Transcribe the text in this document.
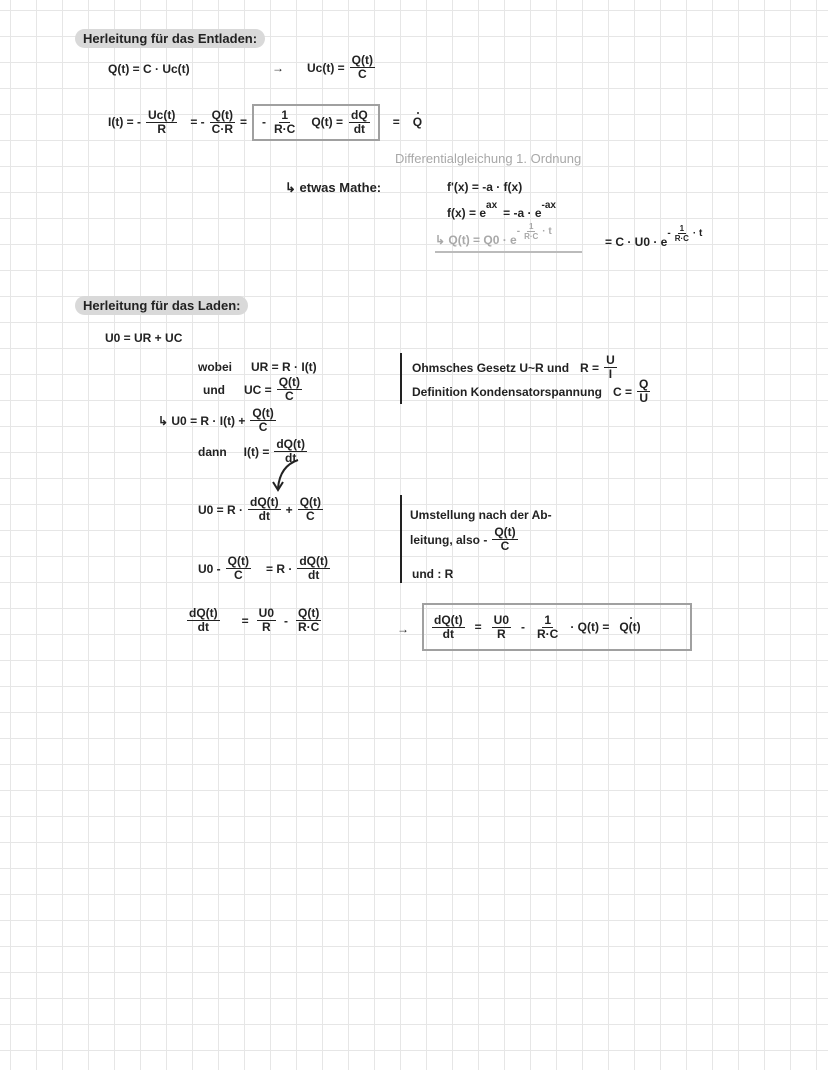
Herleitung für das Entladen:
Q(t) = C · Uc(t)	→ $Uc(t) = \frac{Q(t)}{C}$
I(t) = - $\frac{Uc(t)}{R}$ = - $\frac{Q(t)}{C\cdot R}$ = - $\frac{1}{R\cdot C} Q(t) = \frac{dQ}{dt} = Q$
Differentialgleichung 1. Ordnung
↳ etwas Mathe:	f'(x) = -a · f(x)
f(x) = e
ax
= -a · e
-ax
↳ Q(t) = Q0 · e
- $\frac{1}{R\cdot C} \cdot t$
= C · U0 · e
- $\frac{1}{R\cdot C} \cdot t$
Herleitung für das Laden:
U0 = UR + UC
wobei UR = R · I(t)
und UC = $\frac{Q(t)}{C}$
Ohmsches Gesetz U~R und $R = \frac{U}{I}$
Definition Kondensatorspannung $C = \frac{Q}{U}$
↳ $U0 = R \cdot I(t) + \frac{Q(t)}{C}$
dann $I(t) = \frac{dQ(t)}{dt}$
$U0 = R \cdot \frac{dQ(t)}{dt} + \frac{Q(t)}{C}$
$U0 - \frac{Q(t)}{C} = R \cdot \frac{dQ(t)}{dt}$
Umstellung nach der Ab-
leitung, also - $\frac{Q(t)}{C}$
und : R
$\frac{dQ(t)}{dt} = \frac{U0}{R} - \frac{Q(t)}{R\cdot C}$	→ $\frac{dQ(t)}{dt} = \frac{U0}{R} - \frac{1}{R\cdot C} \cdot Q(t) = Q(t)$
